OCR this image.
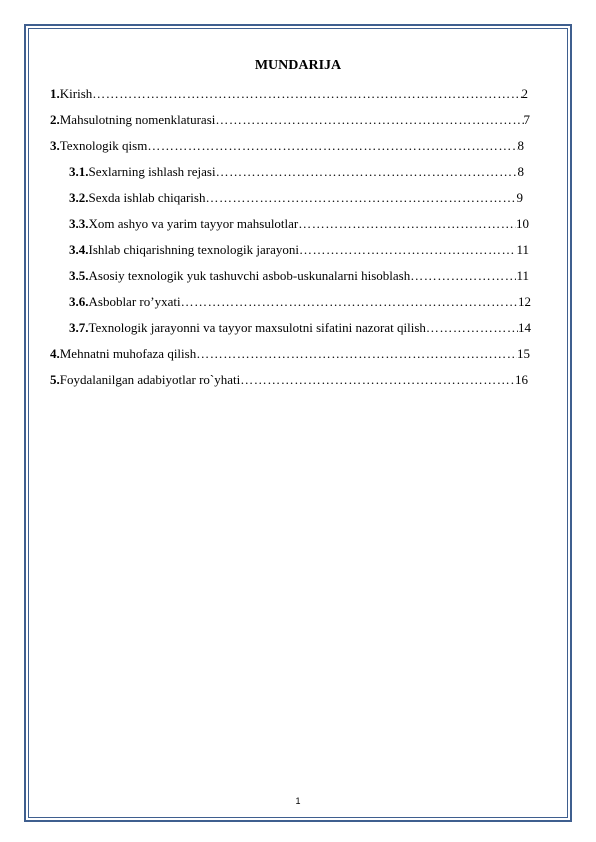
MUNDARIJA
1. Kirish ……………………………………………………………………………………………………………………………………………………………………	2
2. Mahsulotning nomenklaturasi ……………………………………………………………………………………………………………………………………………………………………	7
3. Texnologik qism ……………………………………………………………………………………………………………………………………………………………………	8
3.1. Sexlarning ishlash rejasi ……………………………………………………………………………………………………………………………………………………………………	8
3.2. Sexda ishlab chiqarish ……………………………………………………………………………………………………………………………………………………………………	9
3.3. Xom ashyo va yarim tayyor mahsulotlar ……………………………………………………………………………………………………………………………………………………………………	10
3.4. Ishlab chiqarishning texnologik jarayoni ……………………………………………………………………………………………………………………………………………………………………	11
3.5. Asosiy texnologik yuk tashuvchi asbob-uskunalarni hisoblash ……………………………………………………………………………………………………………………………………………………………………	11
3.6. Asboblar ro’yxati ……………………………………………………………………………………………………………………………………………………………………	12
3.7. Texnologik jarayonni va tayyor maxsulotni sifatini nazorat qilish ……………………………………………………………………………………………………………………………………………………………………	14
4. Mehnatni muhofaza qilish ……………………………………………………………………………………………………………………………………………………………………	15
5. Foydalanilgan adabiyotlar ro`yhati ……………………………………………………………………………………………………………………………………………………………………	16
1
